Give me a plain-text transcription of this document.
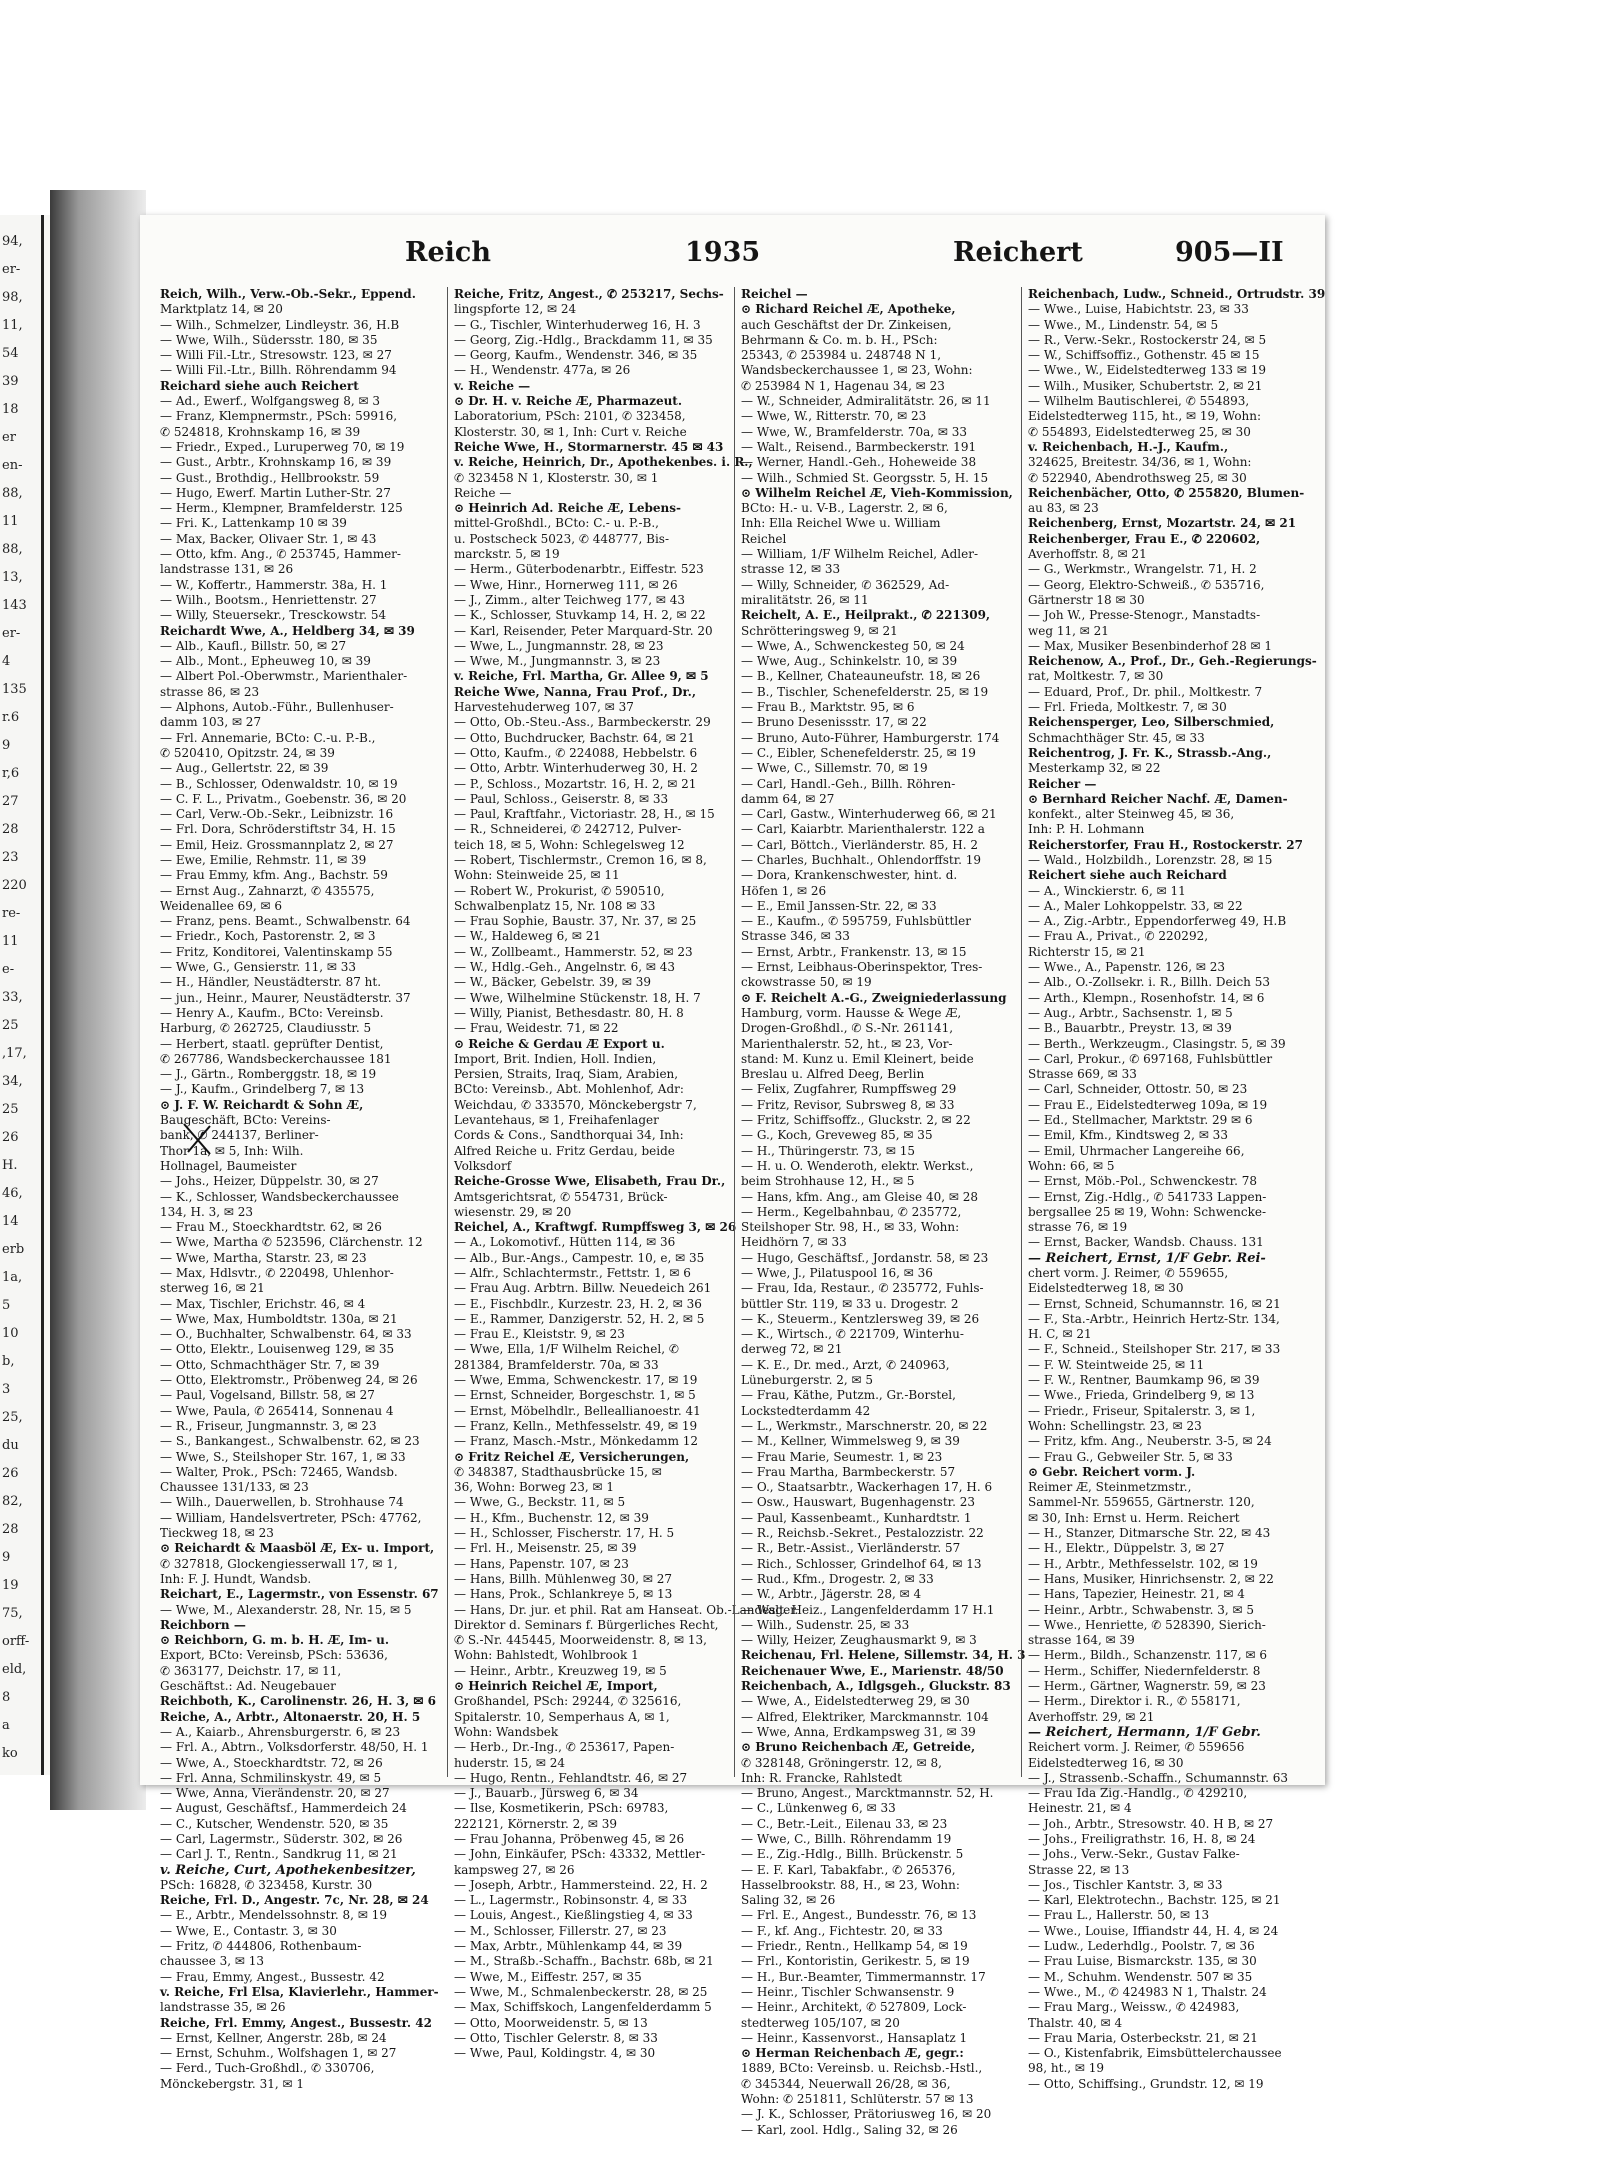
94,
er-
98,
11,
54
39
18
er
en-
88,
11
88,
13,
143
er-
4
135
r.6
9
r,6
27
28
23
220
re-
11
e-
33,
25
,17,
34,
25
26
H.
46,
14
erb
1a,
5
10
b,
3
25,
du
26
82,
28
9
19
75,
orff-
eld,
8
a
ko
Reich	1935	Reichert	905—II
Reich, Wilh., Verw.-Ob.-Sekr., Eppend.
Marktplatz 14, ✉ 20
— Wilh., Schmelzer, Lindleystr. 36, H.B
— Wwe, Wilh., Südersstr. 180, ✉ 35
— Willi Fil.-Ltr., Stresowstr. 123, ✉ 27
— Willi Fil.-Ltr., Billh. Röhrendamm 94
Reichard siehe auch Reichert
— Ad., Ewerf., Wolfgangsweg 8, ✉ 3
— Franz, Klempnermstr., PSch: 59916,
✆ 524818, Krohnskamp 16, ✉ 39
— Friedr., Exped., Luruperweg 70, ✉ 19
— Gust., Arbtr., Krohnskamp 16, ✉ 39
— Gust., Brothdig., Hellbrookstr. 59
— Hugo, Ewerf. Martin Luther-Str. 27
— Herm., Klempner, Bramfelderstr. 125
— Fri. K., Lattenkamp 10 ✉ 39
— Max, Backer, Olivaer Str. 1, ✉ 43
— Otto, kfm. Ang., ✆ 253745, Hammer-
landstrasse 131, ✉ 26
— W., Koffertr., Hammerstr. 38a, H. 1
— Wilh., Bootsm., Henriettenstr. 27
— Willy, Steuersekr., Tresckowstr. 54
Reichardt Wwe, A., Heldberg 34, ✉ 39
— Alb., Kaufl., Billstr. 50, ✉ 27
— Alb., Mont., Epheuweg 10, ✉ 39
— Albert Pol.-Oberwmstr., Marienthaler-
strasse 86, ✉ 23
— Alphons, Autob.-Führ., Bullenhuser-
damm 103, ✉ 27
— Frl. Annemarie, BCto: C.-u. P.-B.,
✆ 520410, Opitzstr. 24, ✉ 39
— Aug., Gellertstr. 22, ✉ 39
— B., Schlosser, Odenwaldstr. 10, ✉ 19
— C. F. L., Privatm., Goebenstr. 36, ✉ 20
— Carl, Verw.-Ob.-Sekr., Leibnizstr. 16
— Frl. Dora, Schröderstiftstr 34, H. 15
— Emil, Heiz. Grossmannplatz 2, ✉ 27
— Ewe, Emilie, Rehmstr. 11, ✉ 39
— Frau Emmy, kfm. Ang., Bachstr. 59
— Ernst Aug., Zahnarzt, ✆ 435575,
Weidenallee 69, ✉ 6
— Franz, pens. Beamt., Schwalbenstr. 64
— Friedr., Koch, Pastorenstr. 2, ✉ 3
— Fritz, Konditorei, Valentinskamp 55
— Wwe, G., Gensierstr. 11, ✉ 33
— H., Händler, Neustädterstr. 87 ht.
— jun., Heinr., Maurer, Neustädterstr. 37
— Henry A., Kaufm., BCto: Vereinsb.
Harburg, ✆ 262725, Claudiusstr. 5
— Herbert, staatl. geprüfter Dentist,
✆ 267786, Wandsbeckerchaussee 181
— J., Gärtn., Romberggstr. 18, ✉ 19
— J., Kaufm., Grindelberg 7, ✉ 13
⊙ J. F. W. Reichardt & Sohn Æ,
Baugeschäft, BCto: Vereins-
bank, ✆ 244137, Berliner-
Thor 1a, ✉ 5, Inh: Wilh.
Hollnagel, Baumeister
— Johs., Heizer, Düppelstr. 30, ✉ 27
— K., Schlosser, Wandsbeckerchaussee
134, H. 3, ✉ 23
— Frau M., Stoeckhardtstr. 62, ✉ 26
— Wwe, Martha ✆ 523596, Clärchenstr. 12
— Wwe, Martha, Starstr. 23, ✉ 23
— Max, Hdlsvtr., ✆ 220498, Uhlenhor-
sterweg 16, ✉ 21
— Max, Tischler, Erichstr. 46, ✉ 4
— Wwe, Max, Humboldtstr. 130a, ✉ 21
— O., Buchhalter, Schwalbenstr. 64, ✉ 33
— Otto, Elektr., Louisenweg 129, ✉ 35
— Otto, Schmachthäger Str. 7, ✉ 39
— Otto, Elektromstr., Pröbenweg 24, ✉ 26
— Paul, Vogelsand, Billstr. 58, ✉ 27
— Wwe, Paula, ✆ 265414, Sonnenau 4
— R., Friseur, Jungmannstr. 3, ✉ 23
— S., Bankangest., Schwalbenstr. 62, ✉ 23
— Wwe, S., Steilshoper Str. 167, 1, ✉ 33
— Walter, Prok., PSch: 72465, Wandsb.
Chaussee 131/133, ✉ 23
— Wilh., Dauerwellen, b. Strohhause 74
— William, Handelsvertreter, PSch: 47762,
Tieckweg 18, ✉ 23
⊙ Reichardt & Maasböl Æ, Ex- u. Import,
✆ 327818, Glockengiesserwall 17, ✉ 1,
Inh: F. J. Hundt, Wandsb.
Reichart, E., Lagermstr., von Essenstr. 67
— Wwe, M., Alexanderstr. 28, Nr. 15, ✉ 5
Reichborn —
⊙ Reichborn, G. m. b. H. Æ, Im- u.
Export, BCto: Vereinsb, PSch: 53636,
✆ 363177, Deichstr. 17, ✉ 11,
Geschäftst.: Ad. Neugebauer
Reichboth, K., Carolinenstr. 26, H. 3, ✉ 6
Reiche, A., Arbtr., Altonaerstr. 20, H. 5
— A., Kaiarb., Ahrensburgerstr. 6, ✉ 23
— Frl. A., Abtrn., Volksdorferstr. 48/50, H. 1
— Wwe, A., Stoeckhardtstr. 72, ✉ 26
— Frl. Anna, Schmilinskystr. 49, ✉ 5
— Wwe, Anna, Vierändenstr. 20, ✉ 27
— August, Geschäftsf., Hammerdeich 24
— C., Kutscher, Wendenstr. 520, ✉ 35
— Carl, Lagermstr., Süderstr. 302, ✉ 26
— Carl J. T., Rentn., Sandkrug 11, ✉ 21
v. Reiche, Curt, Apothekenbesitzer,
PSch: 16828, ✆ 323458, Kurstr. 30
Reiche, Frl. D., Angestr. 7c, Nr. 28, ✉ 24
— E., Arbtr., Mendelssohnstr. 8, ✉ 19
— Wwe, E., Contastr. 3, ✉ 30
— Fritz, ✆ 444806, Rothenbaum-
chaussee 3, ✉ 13
— Frau, Emmy, Angest., Bussestr. 42
v. Reiche, Frl Elsa, Klavierlehr., Hammer-
landstrasse 35, ✉ 26
Reiche, Frl. Emmy, Angest., Bussestr. 42
— Ernst, Kellner, Angerstr. 28b, ✉ 24
— Ernst, Schuhm., Wolfshagen 1, ✉ 27
— Ferd., Tuch-Großhdl., ✆ 330706,
Mönckebergstr. 31, ✉ 1
Reiche, Fritz, Angest., ✆ 253217, Sechs-
lingspforte 12, ✉ 24
— G., Tischler, Winterhuderweg 16, H. 3
— Georg, Zig.-Hdlg., Brackdamm 11, ✉ 35
— Georg, Kaufm., Wendenstr. 346, ✉ 35
— H., Wendenstr. 477a, ✉ 26
v. Reiche —
⊙ Dr. H. v. Reiche Æ, Pharmazeut.
Laboratorium, PSch: 2101, ✆ 323458,
Klosterstr. 30, ✉ 1, Inh: Curt v. Reiche
Reiche Wwe, H., Stormarnerstr. 45 ✉ 43
v. Reiche, Heinrich, Dr., Apothekenbes. i. R.,
✆ 323458 N 1, Klosterstr. 30, ✉ 1
Reiche —
⊙ Heinrich Ad. Reiche Æ, Lebens-
mittel-Großhdl., BCto: C.- u. P.-B.,
u. Postscheck 5023, ✆ 448777, Bis-
marckstr. 5, ✉ 19
— Herm., Güterbodenarbtr., Eiffestr. 523
— Wwe, Hinr., Hornerweg 111, ✉ 26
— J., Zimm., alter Teichweg 177, ✉ 43
— K., Schlosser, Stuvkamp 14, H. 2, ✉ 22
— Karl, Reisender, Peter Marquard-Str. 20
— Wwe, L., Jungmannstr. 28, ✉ 23
— Wwe, M., Jungmannstr. 3, ✉ 23
v. Reiche, Frl. Martha, Gr. Allee 9, ✉ 5
Reiche Wwe, Nanna, Frau Prof., Dr.,
Harvestehuderweg 107, ✉ 37
— Otto, Ob.-Steu.-Ass., Barmbeckerstr. 29
— Otto, Buchdrucker, Bachstr. 64, ✉ 21
— Otto, Kaufm., ✆ 224088, Hebbelstr. 6
— Otto, Arbtr. Winterhuderweg 30, H. 2
— P., Schloss., Mozartstr. 16, H. 2, ✉ 21
— Paul, Schloss., Geiserstr. 8, ✉ 33
— Paul, Kraftfahr., Victoriastr. 28, H., ✉ 15
— R., Schneiderei, ✆ 242712, Pulver-
teich 18, ✉ 5, Wohn: Schlegelsweg 12
— Robert, Tischlermstr., Cremon 16, ✉ 8,
Wohn: Steinweide 25, ✉ 11
— Robert W., Prokurist, ✆ 590510,
Schwalbenplatz 15, Nr. 108 ✉ 33
— Frau Sophie, Baustr. 37, Nr. 37, ✉ 25
— W., Haldeweg 6, ✉ 21
— W., Zollbeamt., Hammerstr. 52, ✉ 23
— W., Hdlg.-Geh., Angelnstr. 6, ✉ 43
— W., Bäcker, Gebelstr. 39, ✉ 39
— Wwe, Wilhelmine Stückenstr. 18, H. 7
— Willy, Pianist, Bethesdastr. 80, H. 8
— Frau, Weidestr. 71, ✉ 22
⊙ Reiche & Gerdau Æ Export u.
Import, Brit. Indien, Holl. Indien,
Persien, Straits, Iraq, Siam, Arabien,
BCto: Vereinsb., Abt. Mohlenhof, Adr:
Weichdau, ✆ 333570, Mönckebergstr 7,
Levantehaus, ✉ 1, Freihafenlager
Cords & Cons., Sandthorquai 34, Inh:
Alfred Reiche u. Fritz Gerdau, beide
Volksdorf
Reiche-Grosse Wwe, Elisabeth, Frau Dr.,
Amtsgerichtsrat, ✆ 554731, Brück-
wiesenstr. 29, ✉ 20
Reichel, A., Kraftwgf. Rumpffsweg 3, ✉ 26
— A., Lokomotivf., Hütten 114, ✉ 36
— Alb., Bur.-Angs., Campestr. 10, e, ✉ 35
— Alfr., Schlachtermstr., Fettstr. 1, ✉ 6
— Frau Aug. Arbtrn. Billw. Neuedeich 261
— E., Fischbdlr., Kurzestr. 23, H. 2, ✉ 36
— E., Rammer, Danzigerstr. 52, H. 2, ✉ 5
— Frau E., Kleiststr. 9, ✉ 23
— Wwe, Ella, 1/F Wilhelm Reichel, ✆
281384, Bramfelderstr. 70a, ✉ 33
— Wwe, Emma, Schwenckestr. 17, ✉ 19
— Ernst, Schneider, Borgeschstr. 1, ✉ 5
— Ernst, Möbelhdlr., Belleallianoestr. 41
— Franz, Kelln., Methfesselstr. 49, ✉ 19
— Franz, Masch.-Mstr., Mönkedamm 12
⊙ Fritz Reichel Æ, Versicherungen,
✆ 348387, Stadthausbrücke 15, ✉
36, Wohn: Borweg 23, ✉ 1
— Wwe, G., Beckstr. 11, ✉ 5
— H., Kfm., Buchenstr. 12, ✉ 39
— H., Schlosser, Fischerstr. 17, H. 5
— Frl. H., Meisenstr. 25, ✉ 39
— Hans, Papenstr. 107, ✉ 23
— Hans, Billh. Mühlenweg 30, ✉ 27
— Hans, Prok., Schlankreye 5, ✉ 13
— Hans, Dr. jur. et phil. Rat am Hanseat. Ob.-Landesger.
Direktor d. Seminars f. Bürgerliches Recht,
✆ S.-Nr. 445445, Moorweidenstr. 8, ✉ 13,
Wohn: Bahlstedt, Wohlbrook 1
— Heinr., Arbtr., Kreuzweg 19, ✉ 5
⊙ Heinrich Reichel Æ, Import,
Großhandel, PSch: 29244, ✆ 325616,
Spitalerstr. 10, Semperhaus A, ✉ 1,
Wohn: Wandsbek
— Herb., Dr.-Ing., ✆ 253617, Papen-
huderstr. 15, ✉ 24
— Hugo, Rentn., Fehlandtstr. 46, ✉ 27
— J., Bauarb., Jürsweg 6, ✉ 34
— Ilse, Kosmetikerin, PSch: 69783,
222121, Körnerstr. 2, ✉ 39
— Frau Johanna, Pröbenweg 45, ✉ 26
— John, Einkäufer, PSch: 43332, Mettler-
kampsweg 27, ✉ 26
— Joseph, Arbtr., Hammersteind. 22, H. 2
— L., Lagermstr., Robinsonstr. 4, ✉ 33
— Louis, Angest., Kießlingstieg 4, ✉ 33
— M., Schlosser, Fillerstr. 27, ✉ 23
— Max, Arbtr., Mühlenkamp 44, ✉ 39
— M., Straßb.-Schaffn., Bachstr. 68b, ✉ 21
— Wwe, M., Eiffestr. 257, ✉ 35
— Wwe, M., Schmalenbeckerstr. 28, ✉ 25
— Max, Schiffskoch, Langenfelderdamm 5
— Otto, Moorweidenstr. 5, ✉ 13
— Otto, Tischler Gelerstr. 8, ✉ 33
— Wwe, Paul, Koldingstr. 4, ✉ 30
Reichel —
⊙ Richard Reichel Æ, Apotheke,
auch Geschäftst der Dr. Zinkeisen,
Behrmann & Co. m. b. H., PSch:
25343, ✆ 253984 u. 248748 N 1,
Wandsbeckerchaussee 1, ✉ 23, Wohn:
✆ 253984 N 1, Hagenau 34, ✉ 23
— W., Schneider, Admiralitätstr. 26, ✉ 11
— Wwe, W., Ritterstr. 70, ✉ 23
— Wwe, W., Bramfelderstr. 70a, ✉ 33
— Walt., Reisend., Barmbeckerstr. 191
— Werner, Handl.-Geh., Hoheweide 38
— Wilh., Schmied St. Georgsstr. 5, H. 15
⊙ Wilhelm Reichel Æ, Vieh-Kommission,
BCto: H.- u. V-B., Lagerstr. 2, ✉ 6,
Inh: Ella Reichel Wwe u. William
Reichel
— William, 1/F Wilhelm Reichel, Adler-
strasse 12, ✉ 33
— Willy, Schneider, ✆ 362529, Ad-
miralitätstr. 26, ✉ 11
Reichelt, A. E., Heilprakt., ✆ 221309,
Schrötteringsweg 9, ✉ 21
— Wwe, A., Schwenckesteg 50, ✉ 24
— Wwe, Aug., Schinkelstr. 10, ✉ 39
— B., Kellner, Chateauneufstr. 18, ✉ 26
— B., Tischler, Schenefelderstr. 25, ✉ 19
— Frau B., Marktstr. 95, ✉ 6
— Bruno Desenissstr. 17, ✉ 22
— Bruno, Auto-Führer, Hamburgerstr. 174
— C., Eibler, Schenefelderstr. 25, ✉ 19
— Wwe, C., Sillemstr. 70, ✉ 19
— Carl, Handl.-Geh., Billh. Röhren-
damm 64, ✉ 27
— Carl, Gastw., Winterhuderweg 66, ✉ 21
— Carl, Kaiarbtr. Marienthalerstr. 122 a
— Carl, Böttch., Vierländerstr. 85, H. 2
— Charles, Buchhalt., Ohlendorffstr. 19
— Dora, Krankenschwester, hint. d.
Höfen 1, ✉ 26
— E., Emil Janssen-Str. 22, ✉ 33
— E., Kaufm., ✆ 595759, Fuhlsbüttler
Strasse 346, ✉ 33
— Ernst, Arbtr., Frankenstr. 13, ✉ 15
— Ernst, Leibhaus-Oberinspektor, Tres-
ckowstrasse 50, ✉ 19
⊙ F. Reichelt A.-G., Zweigniederlassung
Hamburg, vorm. Hausse & Wege Æ,
Drogen-Großhdl., ✆ S.-Nr. 261141,
Marienthalerstr. 52, ht., ✉ 23, Vor-
stand: M. Kunz u. Emil Kleinert, beide
Breslau u. Alfred Deeg, Berlin
— Felix, Zugfahrer, Rumpffsweg 29
— Fritz, Revisor, Subrsweg 8, ✉ 33
— Fritz, Schiffsoffz., Gluckstr. 2, ✉ 22
— G., Koch, Greveweg 85, ✉ 35
— H., Thüringerstr. 73, ✉ 15
— H. u. O. Wenderoth, elektr. Werkst.,
beim Strohhause 12, H., ✉ 5
— Hans, kfm. Ang., am Gleise 40, ✉ 28
— Herm., Kegelbahnbau, ✆ 235772,
Steilshoper Str. 98, H., ✉ 33, Wohn:
Heidhörn 7, ✉ 33
— Hugo, Geschäftsf., Jordanstr. 58, ✉ 23
— Wwe, J., Pilatuspool 16, ✉ 36
— Frau, Ida, Restaur., ✆ 235772, Fuhls-
büttler Str. 119, ✉ 33 u. Drogestr. 2
— K., Steuerm., Kentzlersweg 39, ✉ 26
— K., Wirtsch., ✆ 221709, Winterhu-
derweg 72, ✉ 21
— K. E., Dr. med., Arzt, ✆ 240963,
Lüneburgerstr. 2, ✉ 5
— Frau, Käthe, Putzm., Gr.-Borstel,
Lockstedterdamm 42
— L., Werkmstr., Marschnerstr. 20, ✉ 22
— M., Kellner, Wimmelsweg 9, ✉ 39
— Frau Marie, Seumestr. 1, ✉ 23
— Frau Martha, Barmbeckerstr. 57
— O., Staatsarbtr., Wackerhagen 17, H. 6
— Osw., Hauswart, Bugenhagenstr. 23
— Paul, Kassenbeamt., Kunhardtstr. 1
— R., Reichsb.-Sekret., Pestalozzistr. 22
— R., Betr.-Assist., Vierländerstr. 57
— Rich., Schlosser, Grindelhof 64, ✉ 13
— Rud., Kfm., Drogestr. 2, ✉ 33
— W., Arbtr., Jägerstr. 28, ✉ 4
— Walt. Heiz., Langenfelderdamm 17 H.1
— Wilh., Sudenstr. 25, ✉ 33
— Willy, Heizer, Zeughausmarkt 9, ✉ 3
Reichenau, Frl. Helene, Sillemstr. 34, H. 3
Reichenauer Wwe, E., Marienstr. 48/50
Reichenbach, A., Idlgsgeh., Gluckstr. 83
— Wwe, A., Eidelstedterweg 29, ✉ 30
— Alfred, Elektriker, Marckmannstr. 104
— Wwe, Anna, Erdkampsweg 31, ✉ 39
⊙ Bruno Reichenbach Æ, Getreide,
✆ 328148, Gröningerstr. 12, ✉ 8,
Inh: R. Francke, Rahlstedt
— Bruno, Angest., Marcktmannstr. 52, H.
— C., Lünkenweg 6, ✉ 33
— C., Betr.-Leit., Eilenau 33, ✉ 23
— Wwe, C., Billh. Röhrendamm 19
— E., Zig.-Hdlg., Billh. Brückenstr. 5
— E. F. Karl, Tabakfabr., ✆ 265376,
Hasselbrookstr. 88, H., ✉ 23, Wohn:
Saling 32, ✉ 26
— Frl. E., Angest., Bundesstr. 76, ✉ 13
— F., kf. Ang., Fichtestr. 20, ✉ 33
— Friedr., Rentn., Hellkamp 54, ✉ 19
— Frl., Kontoristin, Gerikestr. 5, ✉ 19
— H., Bur.-Beamter, Timmermannstr. 17
— Heinr., Tischler Schwansenstr. 9
— Heinr., Architekt, ✆ 527809, Lock-
stedterweg 105/107, ✉ 20
— Heinr., Kassenvorst., Hansaplatz 1
⊙ Herman Reichenbach Æ, gegr.:
1889, BCto: Vereinsb. u. Reichsb.-Hstl.,
✆ 345344, Neuerwall 26/28, ✉ 36,
Wohn: ✆ 251811, Schlüterstr. 57 ✉ 13
— J. K., Schlosser, Prätoriusweg 16, ✉ 20
— Karl, zool. Hdlg., Saling 32, ✉ 26
Reichenbach, Ludw., Schneid., Ortrudstr. 39
— Wwe., Luise, Habichtstr. 23, ✉ 33
— Wwe., M., Lindenstr. 54, ✉ 5
— R., Verw.-Sekr., Rostockerstr 24, ✉ 5
— W., Schiffsoffiz., Gothenstr. 45 ✉ 15
— Wwe., W., Eidelstedterweg 133 ✉ 19
— Wilh., Musiker, Schubertstr. 2, ✉ 21
— Wilhelm Bautischlerei, ✆ 554893,
Eidelstedterweg 115, ht., ✉ 19, Wohn:
✆ 554893, Eidelstedterweg 25, ✉ 30
v. Reichenbach, H.-J., Kaufm.,
324625, Breitestr. 34/36, ✉ 1, Wohn:
✆ 522940, Abendrothsweg 25, ✉ 30
Reichenbächer, Otto, ✆ 255820, Blumen-
au 83, ✉ 23
Reichenberg, Ernst, Mozartstr. 24, ✉ 21
Reichenberger, Frau E., ✆ 220602,
Averhoffstr. 8, ✉ 21
— G., Werkmstr., Wrangelstr. 71, H. 2
— Georg, Elektro-Schweiß., ✆ 535716,
Gärtnerstr 18 ✉ 30
— Joh W., Presse-Stenogr., Manstadts-
weg 11, ✉ 21
— Max, Musiker Besenbinderhof 28 ✉ 1
Reichenow, A., Prof., Dr., Geh.-Regierungs-
rat, Moltkestr. 7, ✉ 30
— Eduard, Prof., Dr. phil., Moltkestr. 7
— Frl. Frieda, Moltkestr. 7, ✉ 30
Reichensperger, Leo, Silberschmied,
Schmachthäger Str. 45, ✉ 33
Reichentrog, J. Fr. K., Strassb.-Ang.,
Mesterkamp 32, ✉ 22
Reicher —
⊙ Bernhard Reicher Nachf. Æ, Damen-
konfekt., alter Steinweg 45, ✉ 36,
Inh: P. H. Lohmann
Reicherstorfer, Frau H., Rostockerstr. 27
— Wald., Holzbildh., Lorenzstr. 28, ✉ 15
Reichert siehe auch Reichard
— A., Winckierstr. 6, ✉ 11
— A., Maler Lohkoppelstr. 33, ✉ 22
— A., Zig.-Arbtr., Eppendorferweg 49, H.B
— Frau A., Privat., ✆ 220292,
Richterstr 15, ✉ 21
— Wwe., A., Papenstr. 126, ✉ 23
— Alb., O.-Zollsekr. i. R., Billh. Deich 53
— Arth., Klempn., Rosenhofstr. 14, ✉ 6
— Aug., Arbtr., Sachsenstr. 1, ✉ 5
— B., Bauarbtr., Preystr. 13, ✉ 39
— Berth., Werkzeugm., Clasingstr. 5, ✉ 39
— Carl, Prokur., ✆ 697168, Fuhlsbüttler
Strasse 669, ✉ 33
— Carl, Schneider, Ottostr. 50, ✉ 23
— Frau E., Eidelstedterweg 109a, ✉ 19
— Ed., Stellmacher, Marktstr. 29 ✉ 6
— Emil, Kfm., Kindtsweg 2, ✉ 33
— Emil, Uhrmacher Langereihe 66,
Wohn: 66, ✉ 5
— Ernst, Möb.-Pol., Schwenckestr. 78
— Ernst, Zig.-Hdlg., ✆ 541733 Lappen-
bergsallee 25 ✉ 19, Wohn: Schwencke-
strasse 76, ✉ 19
— Ernst, Backer, Wandsb. Chauss. 131
— Reichert, Ernst, 1/F Gebr. Rei-
chert vorm. J. Reimer, ✆ 559655,
Eidelstedterweg 18, ✉ 30
— Ernst, Schneid, Schumannstr. 16, ✉ 21
— F., Sta.-Arbtr., Heinrich Hertz-Str. 134,
H. C, ✉ 21
— F., Schneid., Steilshoper Str. 217, ✉ 33
— F. W. Steintweide 25, ✉ 11
— F. W., Rentner, Baumkamp 96, ✉ 39
— Wwe., Frieda, Grindelberg 9, ✉ 13
— Friedr., Friseur, Spitalerstr. 3, ✉ 1,
Wohn: Schellingstr. 23, ✉ 23
— Fritz, kfm. Ang., Neuberstr. 3-5, ✉ 24
— Frau G., Gebweiler Str. 5, ✉ 33
⊙ Gebr. Reichert vorm. J.
Reimer Æ, Steinmetzmstr.,
Sammel-Nr. 559655, Gärtnerstr. 120,
✉ 30, Inh: Ernst u. Herm. Reichert
— H., Stanzer, Ditmarsche Str. 22, ✉ 43
— H., Elektr., Düppelstr. 3, ✉ 27
— H., Arbtr., Methfesselstr. 102, ✉ 19
— Hans, Musiker, Hinrichsenstr. 2, ✉ 22
— Hans, Tapezier, Heinestr. 21, ✉ 4
— Heinr., Arbtr., Schwabenstr. 3, ✉ 5
— Wwe., Henriette, ✆ 528390, Sierich-
strasse 164, ✉ 39
— Herm., Bildh., Schanzenstr. 117, ✉ 6
— Herm., Schiffer, Niedernfelderstr. 8
— Herm., Gärtner, Wagnerstr. 59, ✉ 23
— Herm., Direktor i. R., ✆ 558171,
Averhoffstr. 29, ✉ 21
— Reichert, Hermann, 1/F Gebr.
Reichert vorm. J. Reimer, ✆ 559656
Eidelstedterweg 16, ✉ 30
— J., Strassenb.-Schaffn., Schumannstr. 63
— Frau Ida Zig.-Handlg., ✆ 429210,
Heinestr. 21, ✉ 4
— Joh., Arbtr., Stresowstr. 40. H B, ✉ 27
— Johs., Freiligrathstr. 16, H. 8, ✉ 24
— Johs., Verw.-Sekr., Gustav Falke-
Strasse 22, ✉ 13
— Jos., Tischler Kantstr. 3, ✉ 33
— Karl, Elektrotechn., Bachstr. 125, ✉ 21
— Frau L., Hallerstr. 50, ✉ 13
— Wwe., Louise, Iffiandstr 44, H. 4, ✉ 24
— Ludw., Lederhdlg., Poolstr. 7, ✉ 36
— Frau Luise, Bismarckstr. 135, ✉ 30
— M., Schuhm. Wendenstr. 507 ✉ 35
— Wwe., M., ✆ 424983 N 1, Thalstr. 24
— Frau Marg., Weissw., ✆ 424983,
Thalstr. 40, ✉ 4
— Frau Maria, Osterbeckstr. 21, ✉ 21
— O., Kistenfabrik, Eimsbüttelerchaussee
98, ht., ✉ 19
— Otto, Schiffsing., Grundstr. 12, ✉ 19
